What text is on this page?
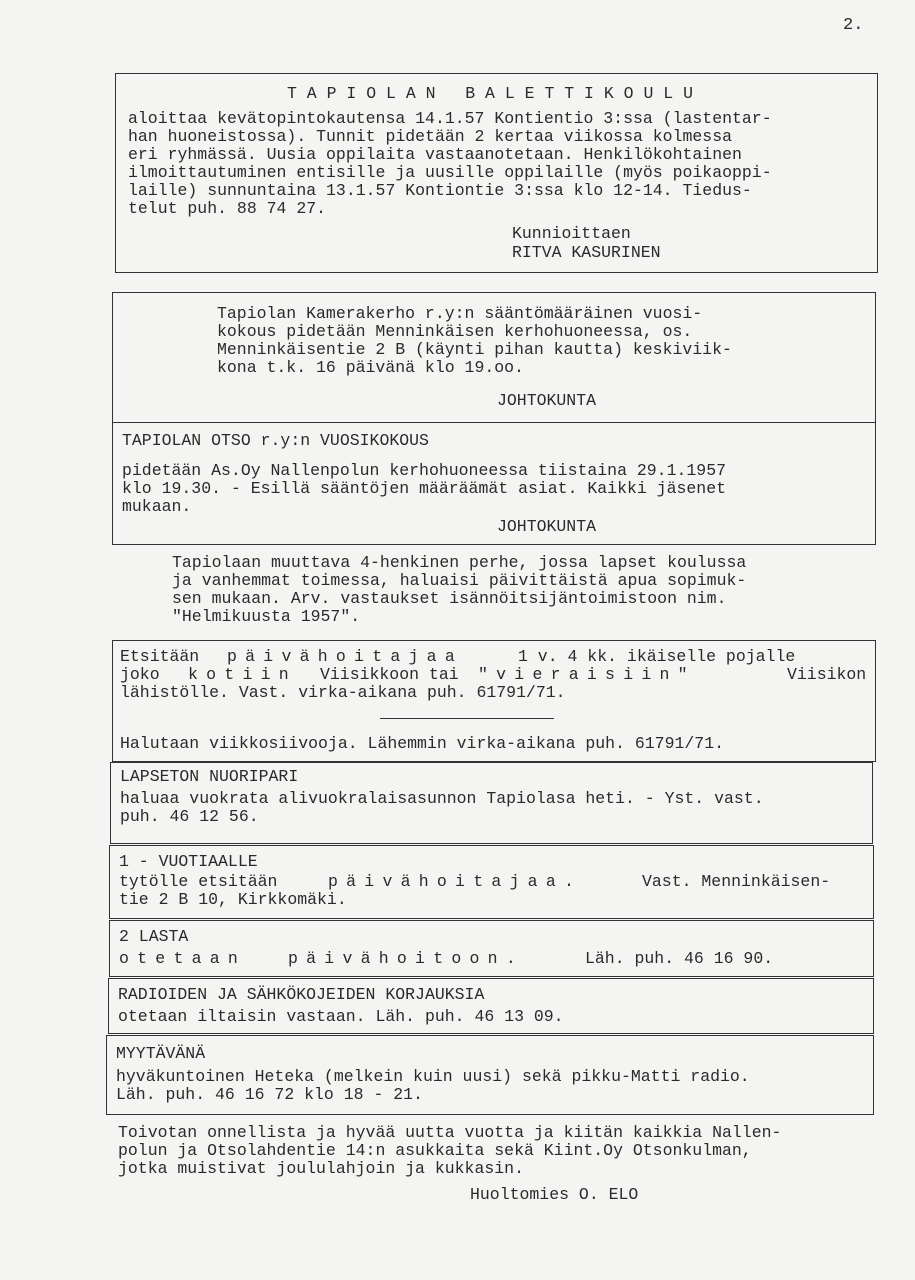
2.
T A P I O L A N   B A L E T T I K O U L U
aloittaa kevätopintokautensa 14.1.57 Kontientio 3:ssa (lastentar-
han huoneistossa). Tunnit pidetään 2 kertaa viikossa kolmessa
eri ryhmässä. Uusia oppilaita vastaanotetaan. Henkilökohtainen
ilmoittautuminen entisille ja uusille oppilaille (myös poikaoppi-
laille) sunnuntaina 13.1.57 Kontiontie 3:ssa klo 12-14. Tiedus-
telut puh. 88 74 27.
Kunnioittaen
RITVA KASURINEN
Tapiolan Kamerakerho r.y:n sääntömääräinen vuosi-
kokous pidetään Menninkäisen kerhohuoneessa, os.
Menninkäisentie 2 B (käynti pihan kautta) keskiviik-
kona t.k. 16 päivänä klo 19.oo.
JOHTOKUNTA
TAPIOLAN OTSO r.y:n VUOSIKOKOUS
pidetään As.Oy Nallenpolun kerhohuoneessa tiistaina 29.1.1957
klo 19.30. - Esillä sääntöjen määräämät asiat. Kaikki jäsenet
mukaan.
JOHTOKUNTA
Tapiolaan muuttava 4-henkinen perhe, jossa lapset koulussa
ja vanhemmat toimessa, haluaisi päivittäistä apua sopimuk-
sen mukaan. Arv. vastaukset isännöitsijäntoimistoon nim.
"Helmikuusta 1957".
Etsitään päivähoitajaa	1 v. 4 kk. ikäiselle pojalle
joko kotiin Viisikkoon tai "vieraisiin"	Viisikon
lähistölle. Vast. virka-aikana puh. 61791/71.
Halutaan viikkosiivooja. Lähemmin virka-aikana puh. 61791/71.
LAPSETON NUORIPARI
haluaa vuokrata alivuokralaisasunnon Tapiolasa heti. - Yst. vast.
puh. 46 12 56.
1 - VUOTIAALLE
tytölle etsitään	päivähoitajaa.	Vast. Menninkäisen-
tie 2 B 10, Kirkkomäki.
2 LASTA
otetaan	päivähoitoon.	Läh. puh. 46 16 90.
RADIOIDEN JA SÄHKÖKOJEIDEN KORJAUKSIA
otetaan iltaisin vastaan. Läh. puh. 46 13 09.
MYYTÄVÄNÄ
hyväkuntoinen Heteka (melkein kuin uusi) sekä pikku-Matti radio.
Läh. puh. 46 16 72 klo 18 - 21.
Toivotan onnellista ja hyvää uutta vuotta ja kiitän kaikkia Nallen-
polun ja Otsolahdentie 14:n asukkaita sekä Kiint.Oy Otsonkulman,
jotka muistivat joululahjoin ja kukkasin.
Huoltomies O. ELO
